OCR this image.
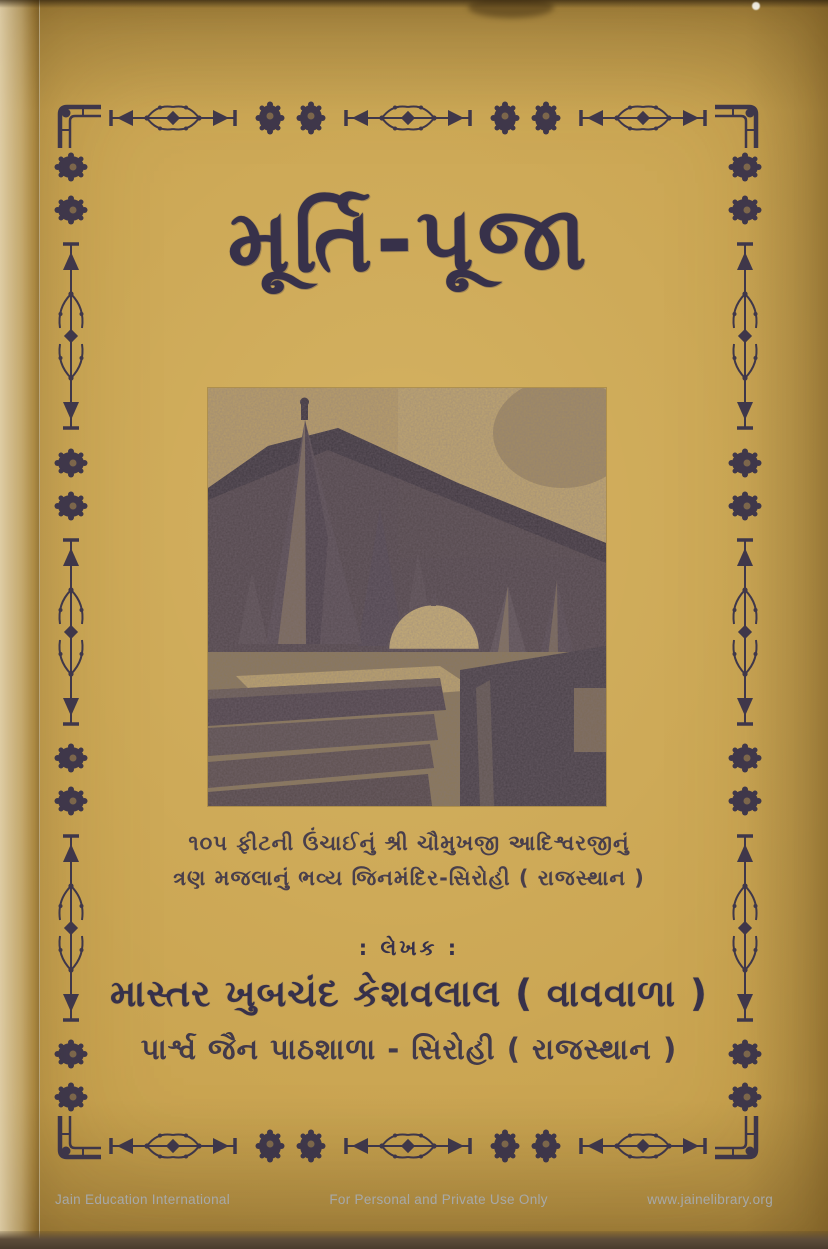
મૂર્તિ-પૂજા

૧૦૫ ફીટની ઉંચાઈનું શ્રી ચૌમુખજી આદિશ્વરજીનું

ત્રણ મજલાનું ભવ્ય જિનમંદિર-સિરોહી ( રાજસ્થાન )

: લેખક :

માસ્તર ખુબચંદ કેશવલાલ ( વાવવાળા )

પાર્શ્વ જૈન પાઠશાળા - સિરોહી ( રાજસ્થાન )

Jain Education International	For Personal and Private Use Only	www.jainelibrary.org
